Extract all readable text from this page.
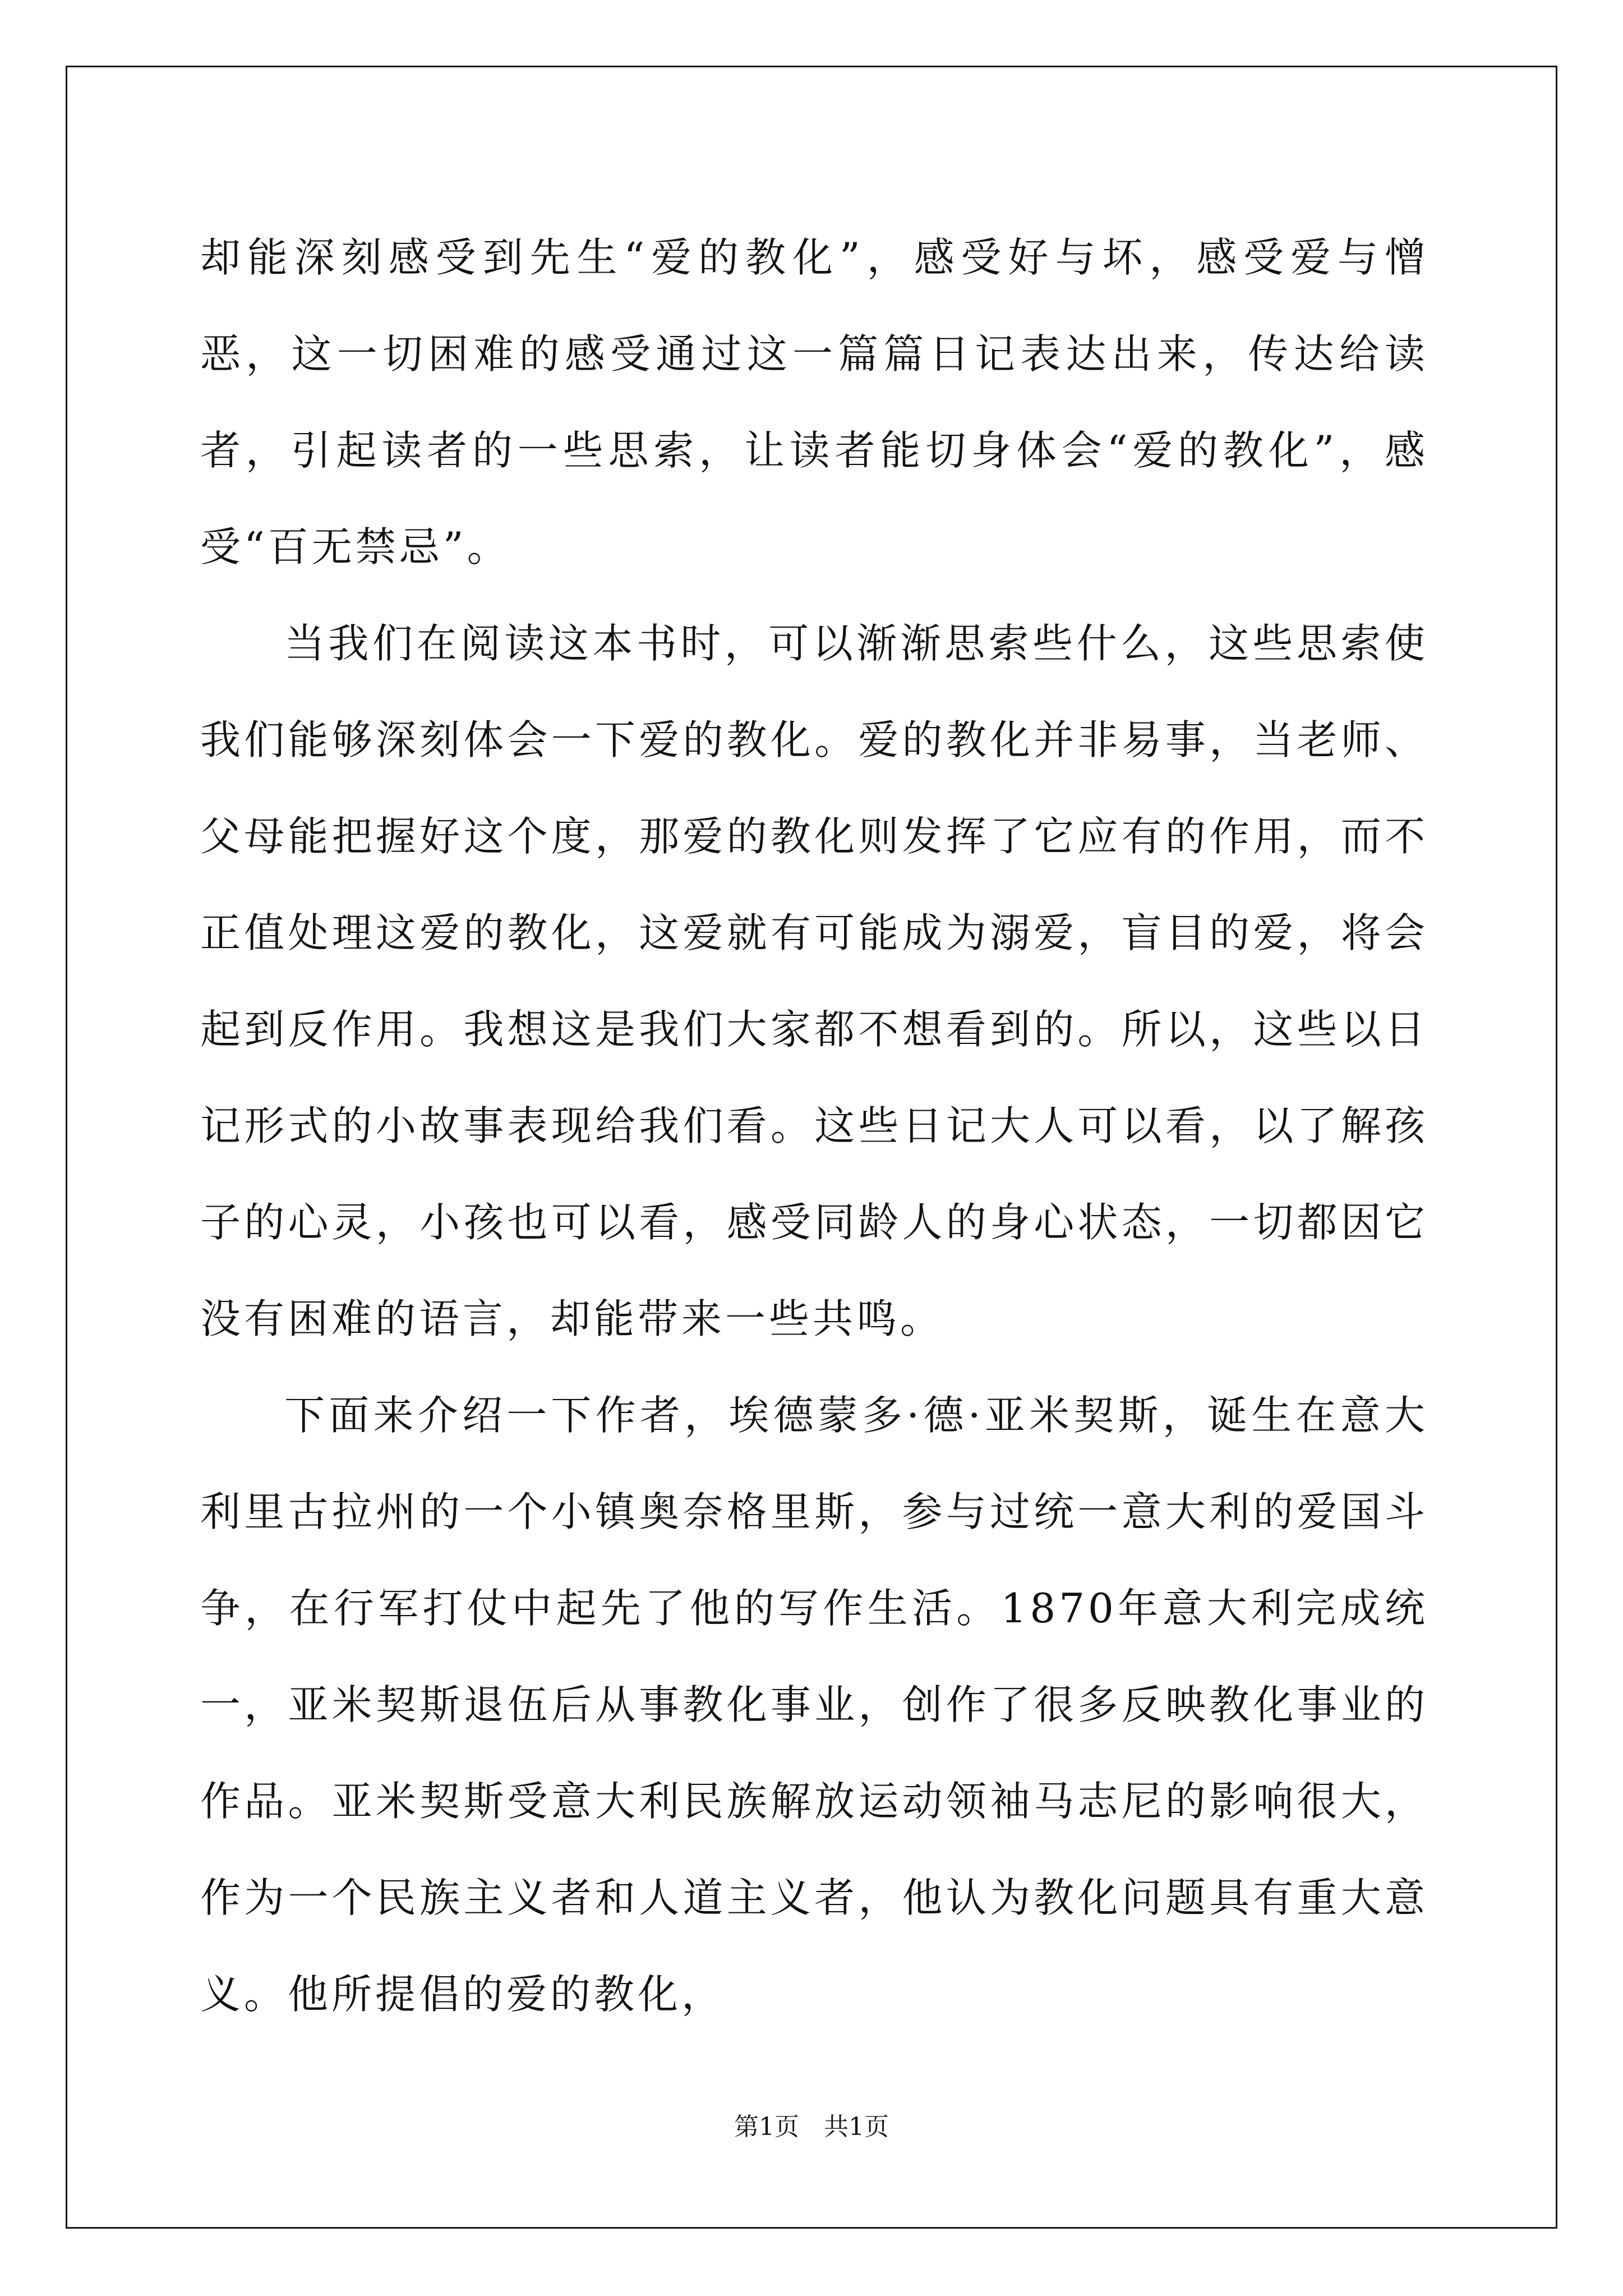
却能深刻感受到先生“爱的教化”，感受好与坏，感受爱与憎恶，这一切困难的感受通过这一篇篇日记表达出来，传达给读者，引起读者的一些思索，让读者能切身体会“爱的教化”，感受“百无禁忌”。

当我们在阅读这本书时，可以渐渐思索些什么，这些思索使我们能够深刻体会一下爱的教化。爱的教化并非易事，当老师、父母能把握好这个度，那爱的教化则发挥了它应有的作用，而不正值处理这爱的教化，这爱就有可能成为溺爱，盲目的爱，将会起到反作用。我想这是我们大家都不想看到的。所以，这些以日记形式的小故事表现给我们看。这些日记大人可以看，以了解孩子的心灵，小孩也可以看，感受同龄人的身心状态，一切都因它没有困难的语言，却能带来一些共鸣。

下面来介绍一下作者，埃德蒙多·德·亚米契斯，诞生在意大利里古拉州的一个小镇奥奈格里斯，参与过统一意大利的爱国斗争，在行军打仗中起先了他的写作生活。1870年意大利完成统一，亚米契斯退伍后从事教化事业，创作了很多反映教化事业的作品。亚米契斯受意大利民族解放运动领袖马志尼的影响很大，作为一个民族主义者和人道主义者，他认为教化问题具有重大意义。他所提倡的爱的教化，

第1页 共1页
